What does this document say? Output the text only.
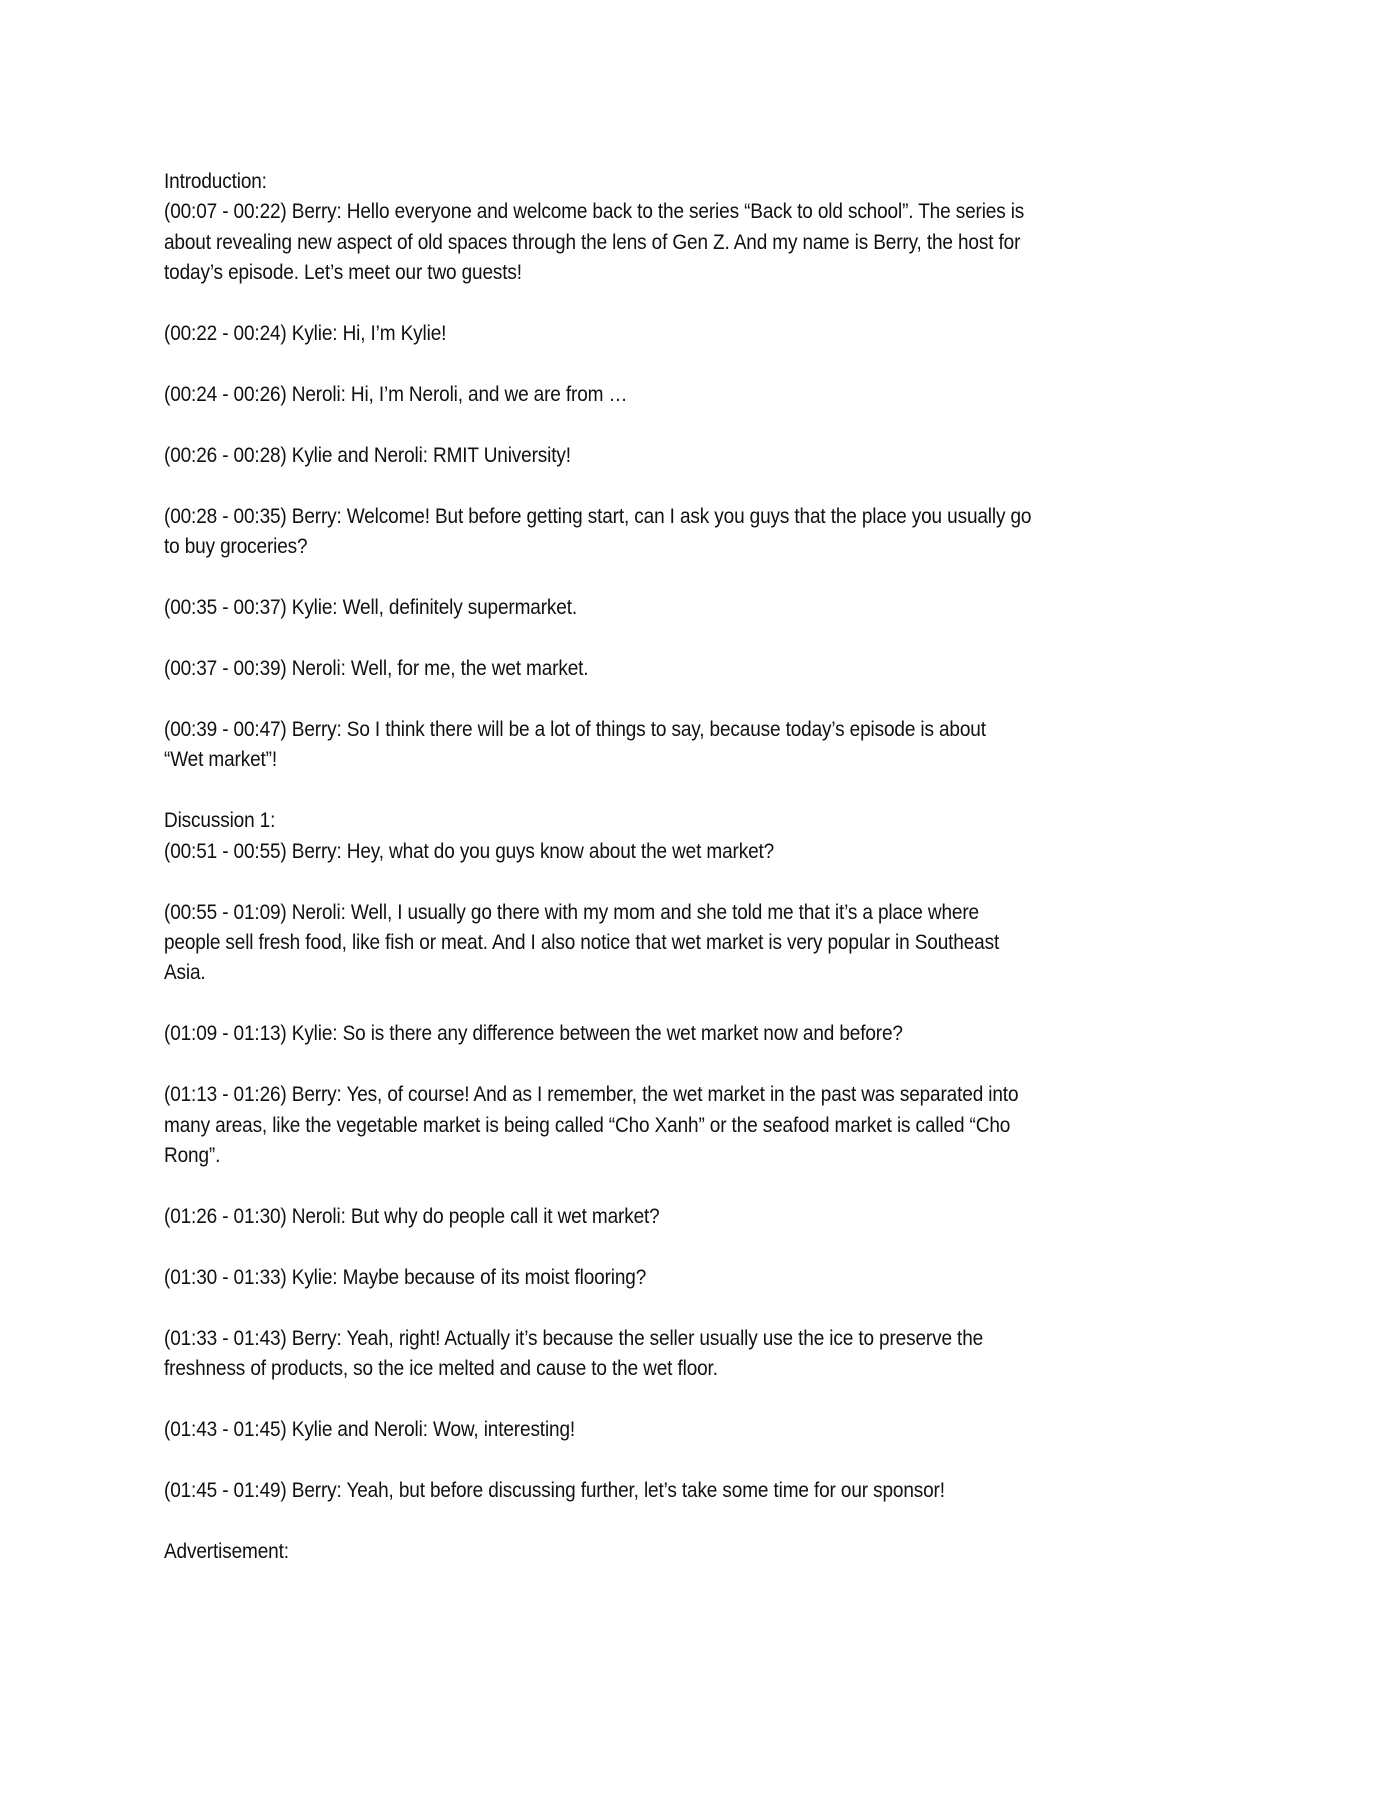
Introduction:
(00:07 - 00:22) Berry: Hello everyone and welcome back to the series “Back to old school”. The series is
about revealing new aspect of old spaces through the lens of Gen Z. And my name is Berry, the host for
today’s episode. Let’s meet our two guests!
(00:22 - 00:24) Kylie: Hi, I’m Kylie!
(00:24 - 00:26) Neroli: Hi, I’m Neroli, and we are from …
(00:26 - 00:28) Kylie and Neroli: RMIT University!
(00:28 - 00:35) Berry: Welcome! But before getting start, can I ask you guys that the place you usually go
to buy groceries?
(00:35 - 00:37) Kylie: Well, definitely supermarket.
(00:37 - 00:39) Neroli: Well, for me, the wet market.
(00:39 - 00:47) Berry: So I think there will be a lot of things to say, because today’s episode is about
“Wet market”!
Discussion 1:
(00:51 - 00:55) Berry: Hey, what do you guys know about the wet market?
(00:55 - 01:09) Neroli: Well, I usually go there with my mom and she told me that it’s a place where
people sell fresh food, like fish or meat. And I also notice that wet market is very popular in Southeast
Asia.
(01:09 - 01:13) Kylie: So is there any difference between the wet market now and before?
(01:13 - 01:26) Berry: Yes, of course! And as I remember, the wet market in the past was separated into
many areas, like the vegetable market is being called “Cho Xanh” or the seafood market is called “Cho
Rong”.
(01:26 - 01:30) Neroli: But why do people call it wet market?
(01:30 - 01:33) Kylie: Maybe because of its moist flooring?
(01:33 - 01:43) Berry: Yeah, right! Actually it’s because the seller usually use the ice to preserve the
freshness of products, so the ice melted and cause to the wet floor.
(01:43 - 01:45) Kylie and Neroli: Wow, interesting!
(01:45 - 01:49) Berry: Yeah, but before discussing further, let’s take some time for our sponsor!
Advertisement:
